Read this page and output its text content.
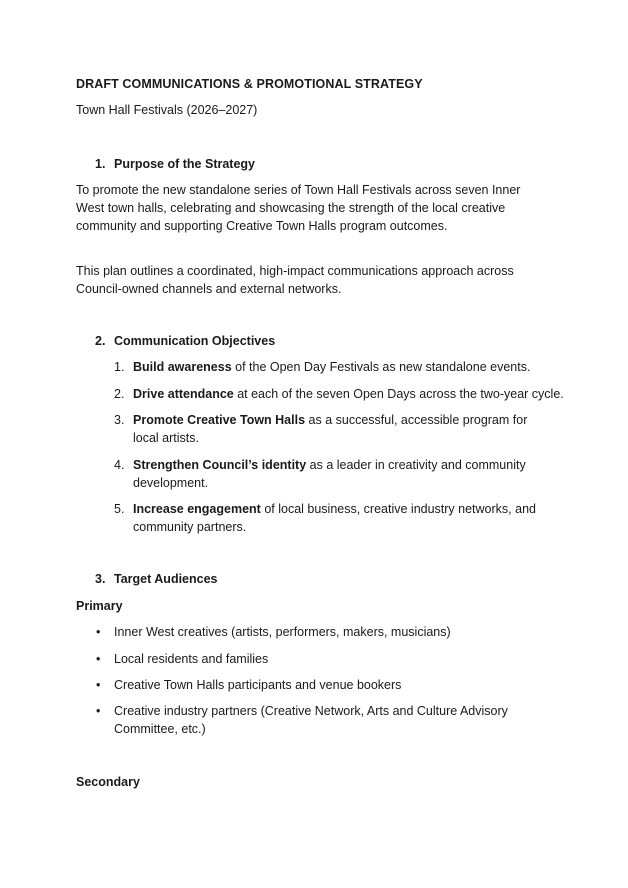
DRAFT COMMUNICATIONS & PROMOTIONAL STRATEGY
Town Hall Festivals (2026–2027)
1. Purpose of the Strategy
To promote the new standalone series of Town Hall Festivals across seven Inner West town halls, celebrating and showcasing the strength of the local creative community and supporting Creative Town Halls program outcomes.
This plan outlines a coordinated, high-impact communications approach across Council-owned channels and external networks.
2. Communication Objectives
1. Build awareness of the Open Day Festivals as new standalone events.
2. Drive attendance at each of the seven Open Days across the two-year cycle.
3. Promote Creative Town Halls as a successful, accessible program for local artists.
4. Strengthen Council’s identity as a leader in creativity and community development.
5. Increase engagement of local business, creative industry networks, and community partners.
3. Target Audiences
Primary
• Inner West creatives (artists, performers, makers, musicians)
• Local residents and families
• Creative Town Halls participants and venue bookers
• Creative industry partners (Creative Network, Arts and Culture Advisory Committee, etc.)
Secondary
